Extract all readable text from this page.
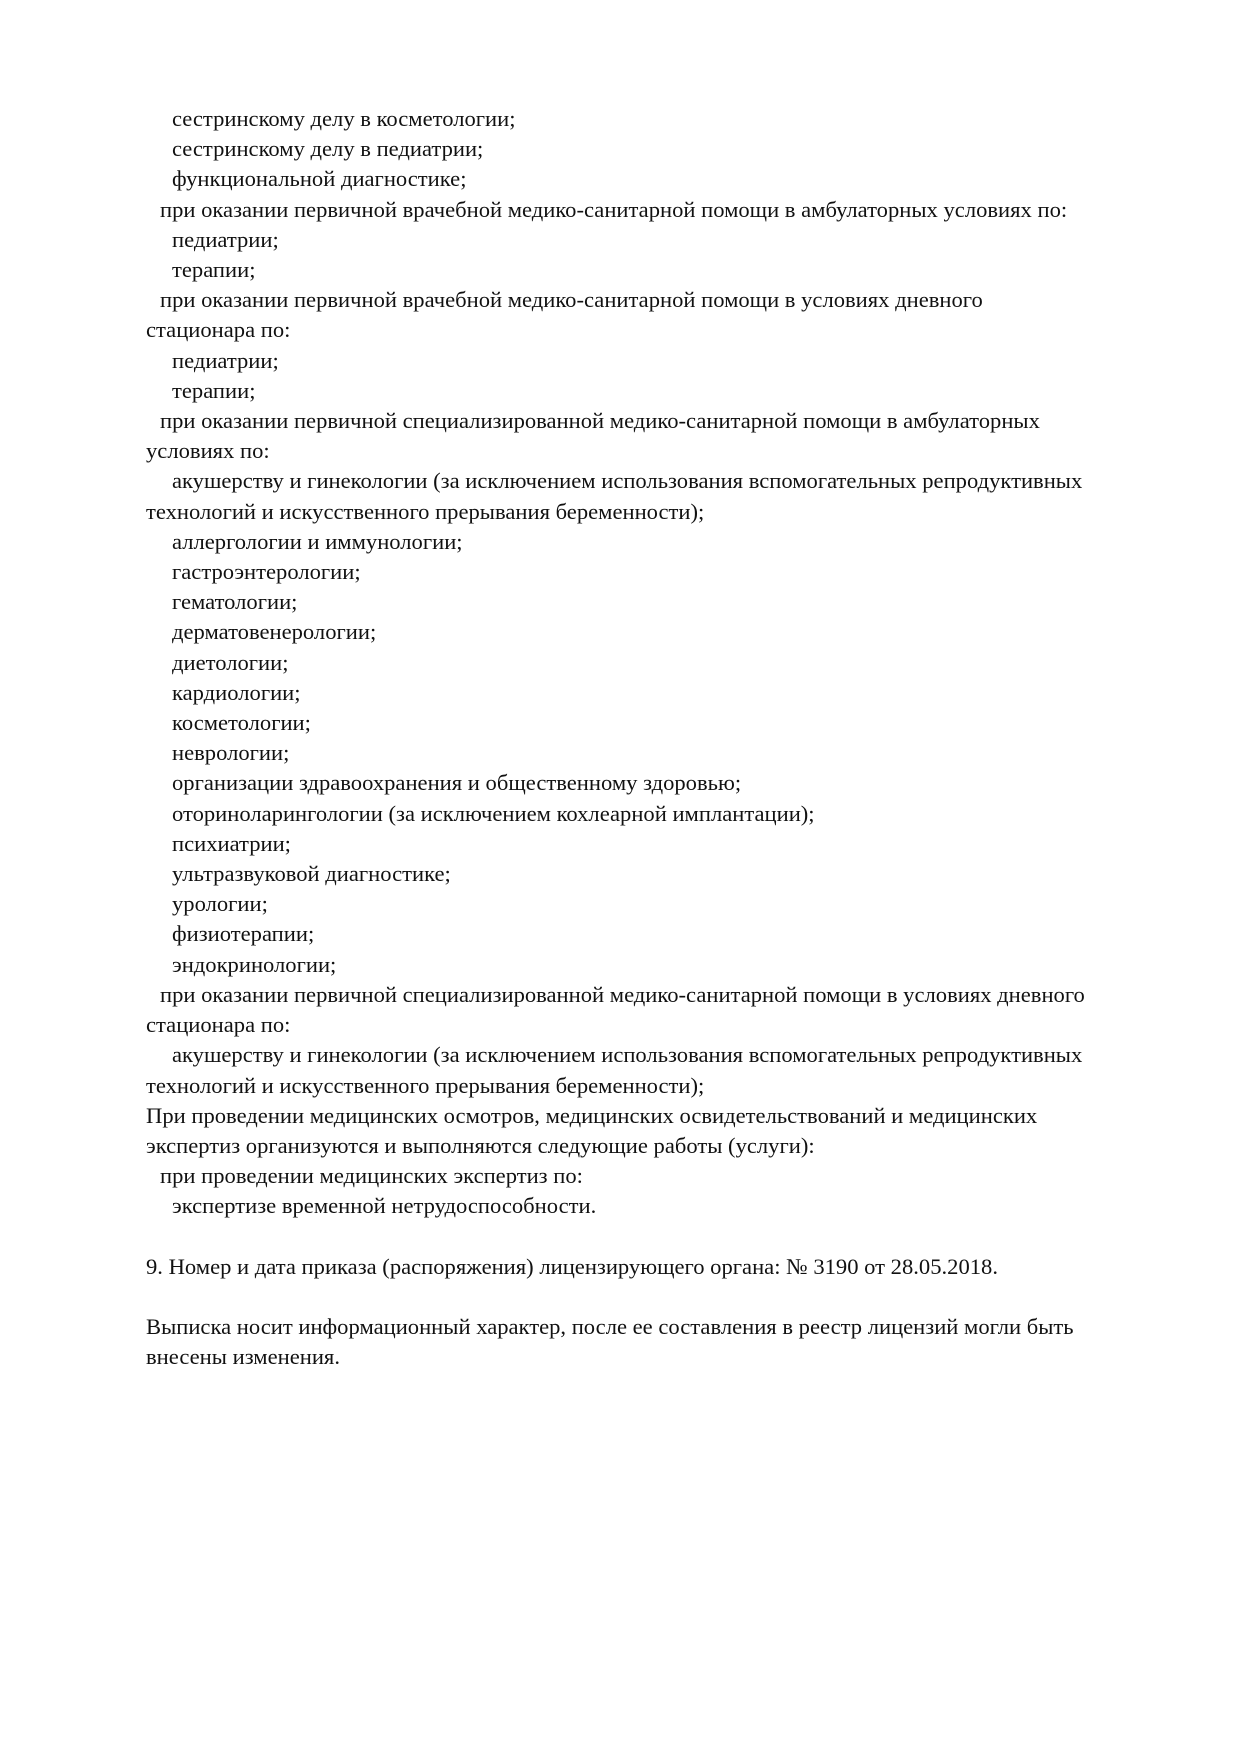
сестринскому делу в косметологии;
сестринскому делу в педиатрии;
функциональной диагностике;
при оказании первичной врачебной медико-санитарной помощи в амбулаторных условиях по:
педиатрии;
терапии;
при оказании первичной врачебной медико-санитарной помощи в условиях дневного
стационара по:
педиатрии;
терапии;
при оказании первичной специализированной медико-санитарной помощи в амбулаторных
условиях по:
акушерству и гинекологии (за исключением использования вспомогательных репродуктивных
технологий и искусственного прерывания беременности);
аллергологии и иммунологии;
гастроэнтерологии;
гематологии;
дерматовенерологии;
диетологии;
кардиологии;
косметологии;
неврологии;
организации здравоохранения и общественному здоровью;
оториноларингологии (за исключением кохлеарной имплантации);
психиатрии;
ультразвуковой диагностике;
урологии;
физиотерапии;
эндокринологии;
при оказании первичной специализированной медико-санитарной помощи в условиях дневного
стационара по:
акушерству и гинекологии (за исключением использования вспомогательных репродуктивных
технологий и искусственного прерывания беременности);
При проведении медицинских осмотров, медицинских освидетельствований и медицинских
экспертиз организуются и выполняются следующие работы (услуги):
при проведении медицинских экспертиз по:
экспертизе временной нетрудоспособности.
9. Номер и дата приказа (распоряжения) лицензирующего органа: № 3190 от 28.05.2018.
Выписка носит информационный характер, после ее составления в реестр лицензий могли быть
внесены изменения.
